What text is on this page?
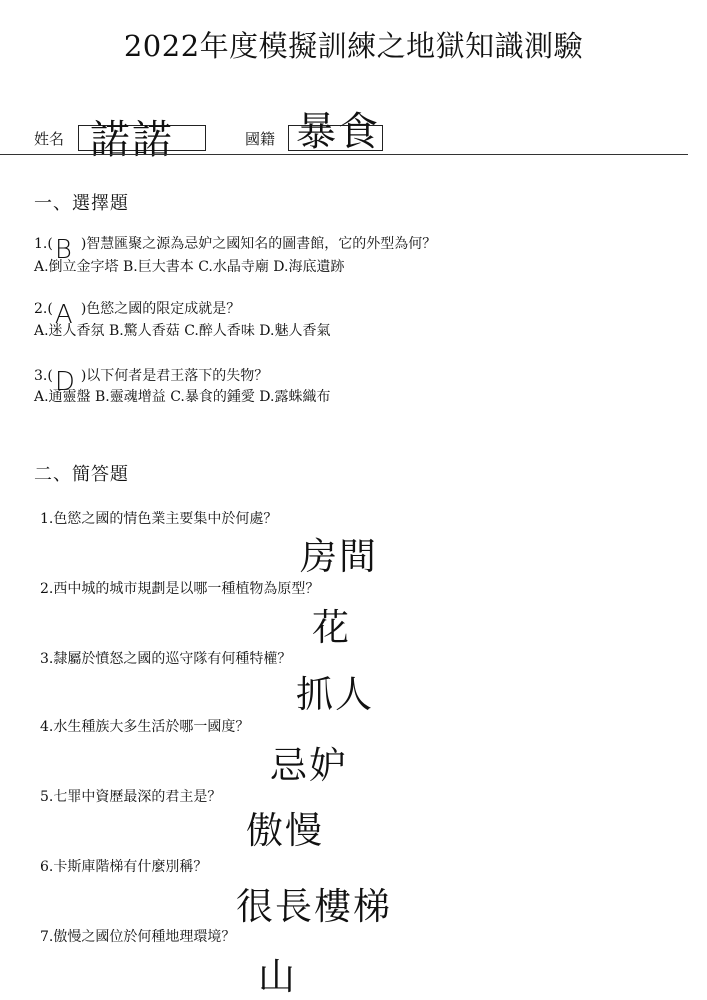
2022年度模擬訓練之地獄知識測驗
姓名 諾諾	國籍 暴食
一、選擇題
1.( B )智慧匯聚之源為忌妒之國知名的圖書館，它的外型為何？
A.倒立金字塔 B.巨大書本 C.水晶寺廟 D.海底遺跡
2.( A )色慾之國的限定成就是？
A.迷人香氛 B.驚人香菇 C.醉人香味 D.魅人香氣
3.( D )以下何者是君王落下的失物？
A.通靈盤 B.靈魂增益 C.暴食的鍾愛 D.露蛛織布
二、簡答題
1.色慾之國的情色業主要集中於何處？
房間
2.西中城的城市規劃是以哪一種植物為原型？
花
3.隸屬於憤怒之國的巡守隊有何種特權？
抓人
4.水生種族大多生活於哪一國度？
忌妒
5.七罪中資歷最深的君主是？
傲慢
6.卡斯庫階梯有什麼別稱？
很長樓梯
7.傲慢之國位於何種地理環境？
山
